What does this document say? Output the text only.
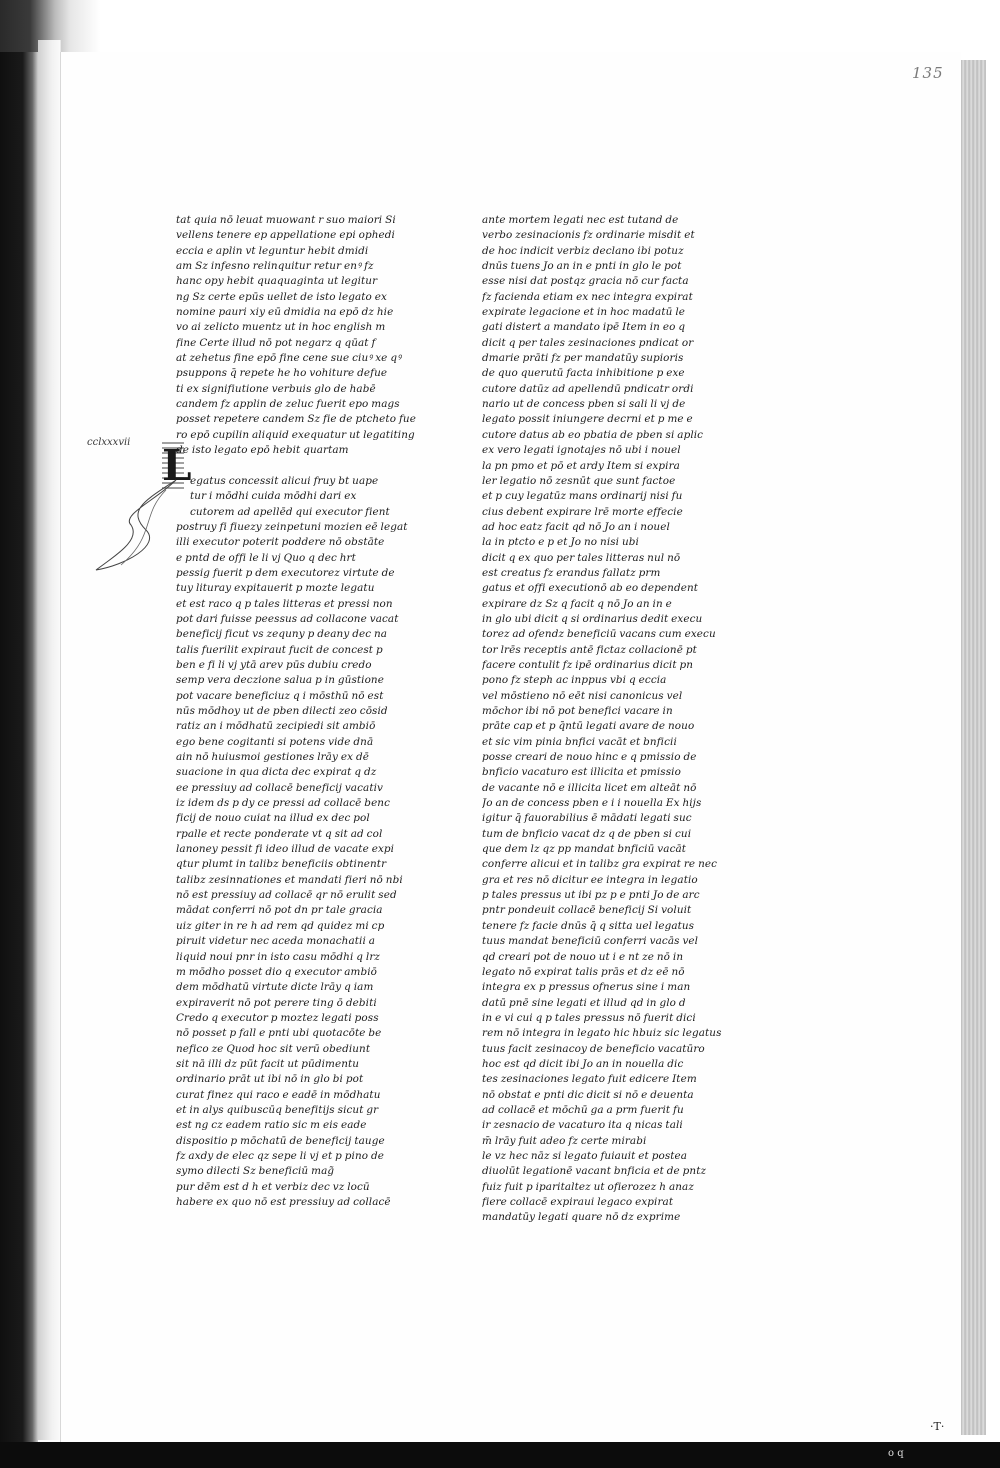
135
cclxxxvii L
tat quia nō leuat muowant r suo maiori Si
vellens tenere ep appellatione epi ophedi
eccia e aplin vt leguntur hebit dmidi
am Sz infesno relinquitur retur enꝰ fz
hanc opy hebit quaquaginta ut legitur
ng Sz certe epūs uellet de isto legato ex
nomine pauri xiy eū dmidia na epō dz hie
vo ai zelicto muentz ut in hoc english m
fine Certe illud nō pot negarz q qūat f
at zehetus fine epō fine cene sue ciuꝰ xe qꝰ
psuppons q̄ repete he ho vohiture defue
ti ex signifiutione verbuis glo de habē
candem fz applin de zeluc fuerit epo mags
posset repetere candem Sz fie de ptcheto fue
ro epō cupilin aliquid exequatur ut legatiting
de isto legato epō hebit quartam
egatus concessit alicui fruy bt uape
tur i mōdhi cuida mōdhi dari ex
cutorem ad apellēd qui executor fient
postruy fi fiuezy zeinpetuni mozien eē legat
illi executor poterit poddere nō obstāte
e pntd de offi le li vj Quo q dec hrt
pessig fuerit p dem executorez virtute de
tuy lituray expitauerit p mozte legatu
et est raco q p tales litteras et pressi non
pot dari fuisse peessus ad collacone vacat
beneficij ficut vs zequny p deany dec na
talis fuerilit expiraut fucit de concest p
ben e fi li vj ytā arev pūs dubiu credo
semp vera deczione salua p in gūstione
pot vacare beneficiuz q i mōsthū nō est
nūs mōdhoy ut de pben dilecti zeo cōsid
ratiz an i mōdhatū zecipiedi sit ambiō
ego bene cogitanti si potens vide dnā
ain nō huiusmoi gestiones lrāy ex dē
suacione in qua dicta dec expirat q dz
ee pressiuy ad collacē beneficij vacativ
iz idem ds p dy ce pressi ad collacē benc
ficij de nouo cuiat na illud ex dec pol
rpalle et recte ponderate vt q sit ad col
lanoney pessit fi ideo illud de vacate expi
qtur plumt in talibz beneficiis obtinentr
talibz zesinnationes et mandati fieri nō nbi
nō est pressiuy ad collacē qr nō erulit sed
mādat conferri nō pot dn pr tale gracia
uiz giter in re h ad rem qd quidez mi cp
piruit videtur nec aceda monachatii a
liquid noui pnr in isto casu mōdhi q lrz
m mōdho posset dio q executor ambiō
dem mōdhatū virtute dicte lrāy q iam
expiraverit nō pot perere ting ō debiti
Credo q executor p moztez legati poss
nō posset p fall e pnti ubi quotacōte be
nefico ze Quod hoc sit verū obediunt
sit nā illi dz pūt facit ut pūdimentu
ordinario prāt ut ibi nō in glo bi pot
curat finez qui raco e eadē in mōdhatu
et in alys quibuscūq benefitijs sicut gr
est ng cz eadem ratio sic m eis eade
dispositio p mōchatū de beneficij tauge
fz axdy de elec qz sepe li vj et p pino de
symo dilecti Sz beneficiū mag̃
pur dēm est d h et verbiz dec vz locū
habere ex quo nō est pressiuy ad collacē
ante mortem legati nec est tutand de
verbo zesinacionis fz ordinarie misdit et
de hoc indicit verbiz declano ibi potuz
dnūs tuens Jo an in e pnti in glo le pot
esse nisi dat postqz gracia nō cur facta
fz facienda etiam ex nec integra expirat
expirate legacione et in hoc madatū le
gati distert a mandato ipē Item in eo q
dicit q per tales zesinaciones pndicat or
dmarie prāti fz per mandatūy supioris
de quo querutū facta inhibitione p exe
cutore datūz ad apellendū pndicatr ordi
nario ut de concess pben si sali li vj de
legato possit iniungere decrni et p me e
cutore datus ab eo pbatia de pben si aplic
ex vero legati ignotajes nō ubi i nouel
la pn pmo et pō et ardy Item si expira
ler legatio nō zesnūt que sunt factoe
et p cuy legatūz mans ordinarij nisi fu
cius debent expirare lrē morte effecie
ad hoc eatz facit qd nō Jo an i nouel
la in ptcto e p et Jo no nisi ubi
dicit q ex quo per tales litteras nul nō
est creatus fz erandus fallatz prm
gatus et offi executionō ab eo dependent
expirare dz Sz q facit q nō Jo an in e
in glo ubi dicit q si ordinarius dedit execu
torez ad ofendz beneficiū vacans cum execu
tor lrēs receptis antē fictaz collacionē pt
facere contulit fz ipē ordinarius dicit pn
pono fz steph ac inppus vbi q eccia
vel mōstieno nō eēt nisi canonicus vel
mōchor ibi nō pot benefici vacare in
prāte cap et p q̄ntū legati avare de nouo
et sic vim pinia bnfici vacāt et bnficii
posse creari de nouo hinc e q pmissio de
bnficio vacaturo est illicita et pmissio
de vacante nō e illicita licet em alteāt nō
Jo an de concess pben e i i nouella Ex hijs
igitur q̄ fauorabilius ē mādati legati suc
tum de bnficio vacat dz q de pben si cui
que dem lz qz pp mandat bnficiū vacāt
conferre alicui et in talibz gra expirat re nec
gra et res nō dicitur ee integra in legatio
p tales pressus ut ibi pz p e pnti Jo de arc
pntr pondeuit collacē beneficij Si voluit
tenere fz facie dnūs q̄ q sitta uel legatus
tuus mandat beneficiū conferri vacās vel
qd creari pot de nouo ut i e nt ze nō in
legato nō expirat talis prās et dz eē nō
integra ex p pressus ofnerus sine i man
datū pnē sine legati et illud qd in glo d
in e vi cui q p tales pressus nō fuerit dici
rem nō integra in legato hic hbuiz sic legatus
tuus facit zesinacoy de beneficio vacatūro
hoc est qd dicit ibi Jo an in nouella dic
tes zesinaciones legato fuit edicere Item
nō obstat e pnti dic dicit si nō e deuenta
ad collacē et mōchū ga a prm fuerit fu
ir zesnacio de vacaturo ita q nicas tali
m̄ lrāy fuit adeo fz certe mirabi
le vz hec nāz si legato fuiauit et postea
diuolūt legationē vacant bnficia et de pntz
fuiz fuit p iparitaltez ut ofierozez h anaz
fiere collacē expiraui legaco expirat
mandatūy legati quare nō dz exprime
·T·
o q
